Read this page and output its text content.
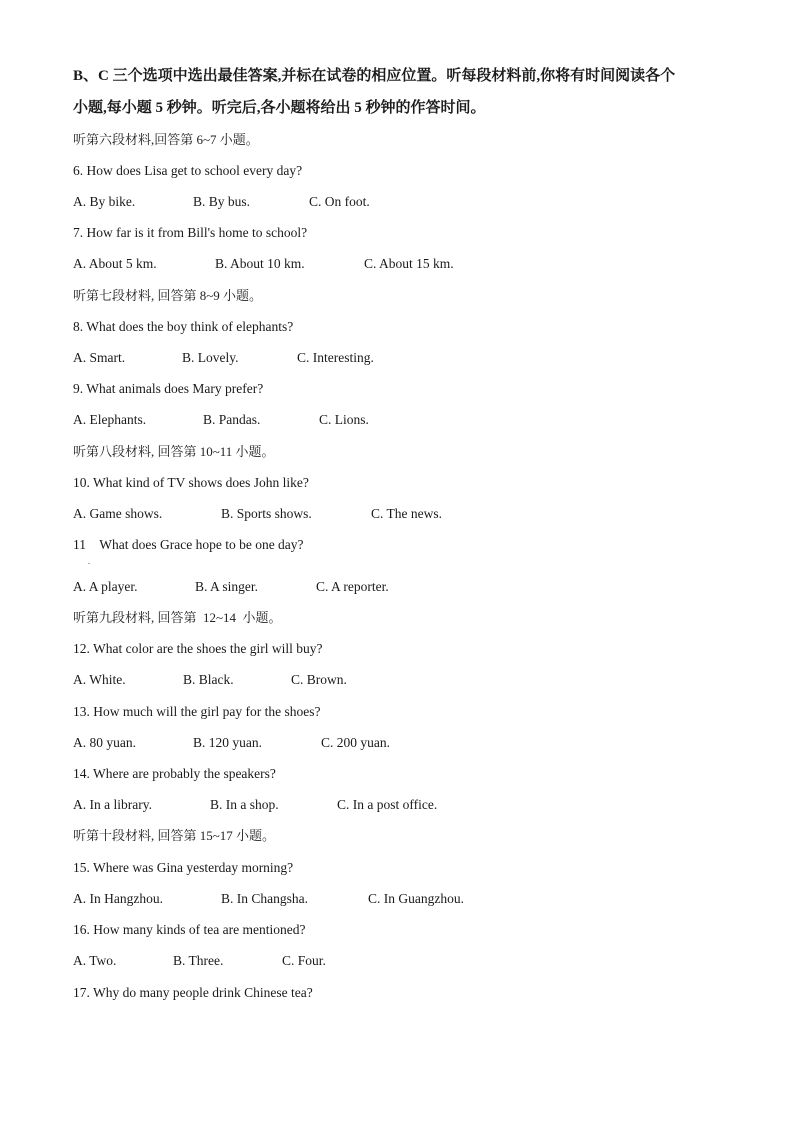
B、C 三个选项中选出最佳答案,并标在试卷的相应位置。听每段材料前,你将有时间阅读各个
小题,每小题 5 秒钟。听完后,各小题将给出 5 秒钟的作答时间。
听第六段材料,回答第 6~7 小题。
6. How does Lisa get to school every day?
A. By bike.	B. By bus.	C. On foot.
7. How far is it from Bill's home to school?
A. About 5 km.	B. About 10 km.	C. About 15 km.
听第七段材料, 回答第 8~9 小题。
8. What does the boy think of elephants?
A. Smart.	B. Lovely.	C. Interesting.
9. What animals does Mary prefer?
A. Elephants.	B. Pandas.	C. Lions.
听第八段材料, 回答第 10~11 小题。
10. What kind of TV shows does John like?
A. Game shows.	B. Sports shows.	C. The news.
11    What does Grace hope to be one day?
.
A. A player.	B. A singer.	C. A reporter.
听第九段材料, 回答第  12~14  小题。
12. What color are the shoes the girl will buy?
A. White.	B. Black.	C. Brown.
13. How much will the girl pay for the shoes?
A. 80 yuan.	B. 120 yuan.	C. 200 yuan.
14. Where are probably the speakers?
A. In a library.	B. In a shop.	C. In a post office.
听第十段材料, 回答第 15~17 小题。
15. Where was Gina yesterday morning?
A. In Hangzhou.	B. In Changsha.	C. In Guangzhou.
16. How many kinds of tea are mentioned?
A. Two.	B. Three.	C. Four.
17. Why do many people drink Chinese tea?
